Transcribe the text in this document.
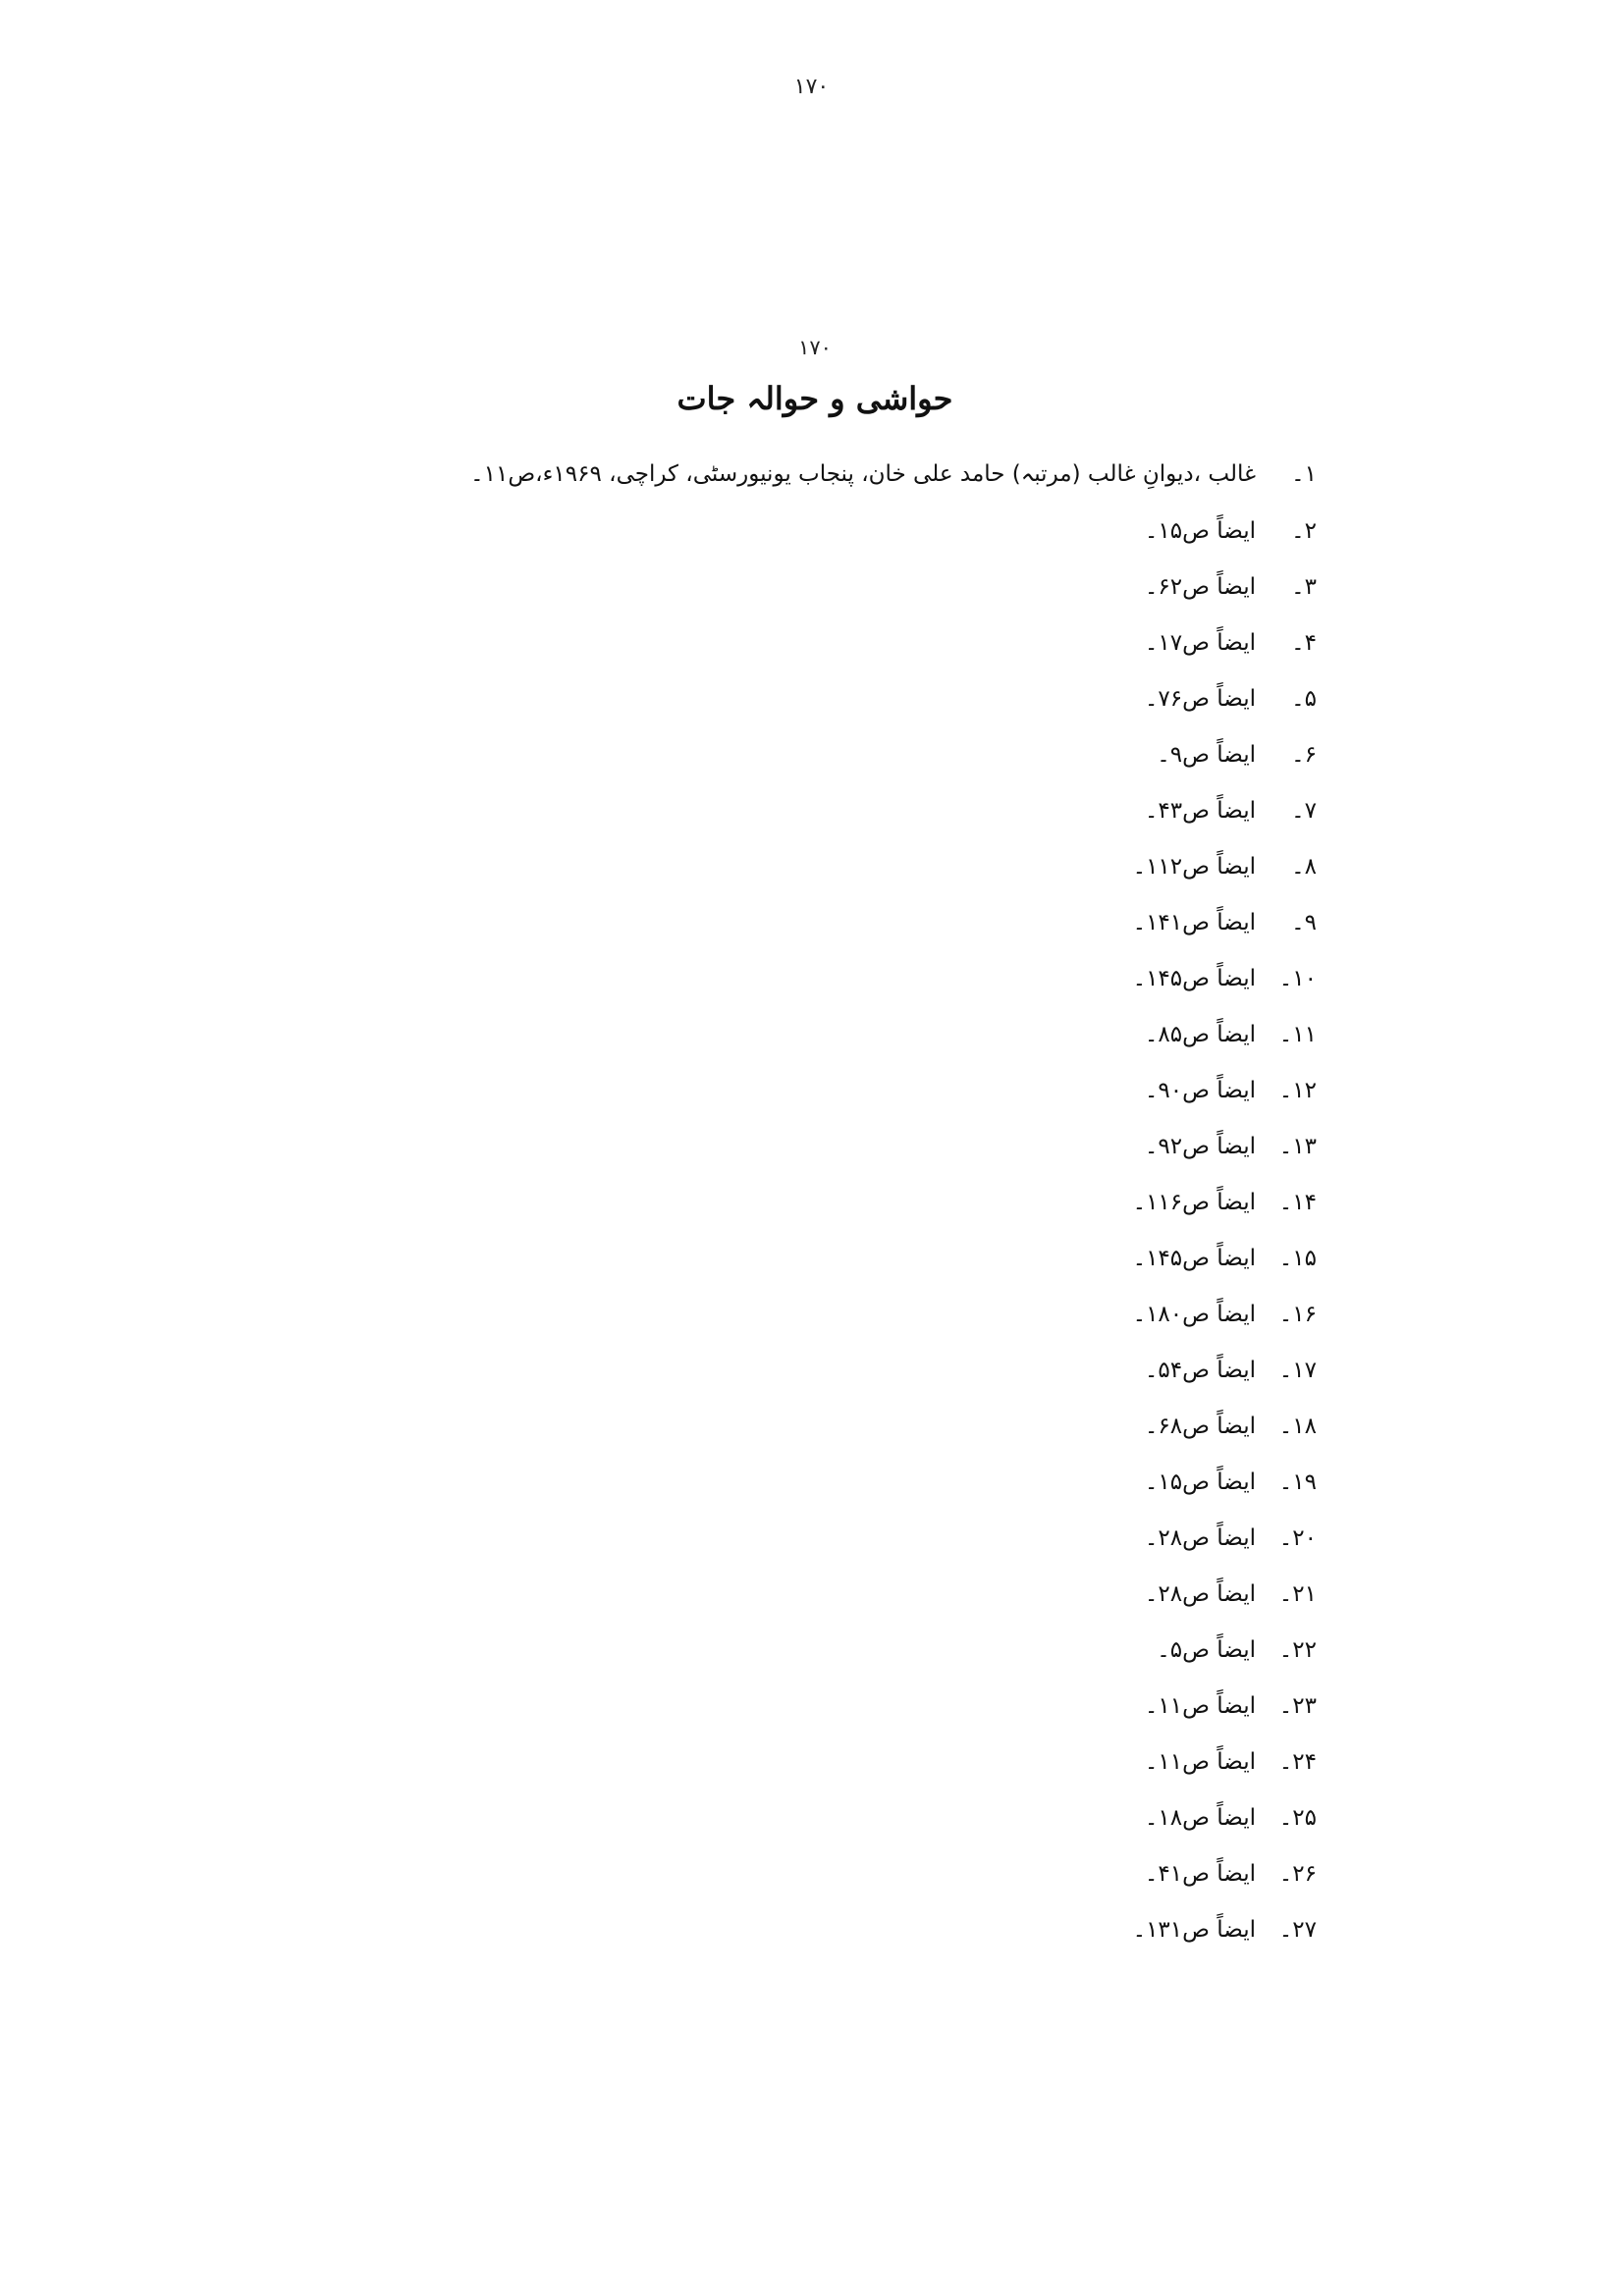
۱۷۰
۱۷۰
حواشی و حوالہ جات
۱۔
غالب ،دیوانِ غالب (مرتبہ) حامد علی خان، پنجاب یونیورسٹی، کراچی، ۱۹۶۹ء،ص۱۱۔
۲۔
ایضاً ص۱۵۔
۳۔
ایضاً ص۶۲۔
۴۔
ایضاً ص۱۷۔
۵۔
ایضاً ص۷۶۔
۶۔
ایضاً ص۹۔
۷۔
ایضاً ص۴۳۔
۸۔
ایضاً ص۱۱۲۔
۹۔
ایضاً ص۱۴۱۔
۱۰۔
ایضاً ص۱۴۵۔
۱۱۔
ایضاً ص۸۵۔
۱۲۔
ایضاً ص۹۰۔
۱۳۔
ایضاً ص۹۲۔
۱۴۔
ایضاً ص۱۱۶۔
۱۵۔
ایضاً ص۱۴۵۔
۱۶۔
ایضاً ص۱۸۰۔
۱۷۔
ایضاً ص۵۴۔
۱۸۔
ایضاً ص۶۸۔
۱۹۔
ایضاً ص۱۵۔
۲۰۔
ایضاً ص۲۸۔
۲۱۔
ایضاً ص۲۸۔
۲۲۔
ایضاً ص۵۔
۲۳۔
ایضاً ص۱۱۔
۲۴۔
ایضاً ص۱۱۔
۲۵۔
ایضاً ص۱۸۔
۲۶۔
ایضاً ص۴۱۔
۲۷۔
ایضاً ص۱۳۱۔
